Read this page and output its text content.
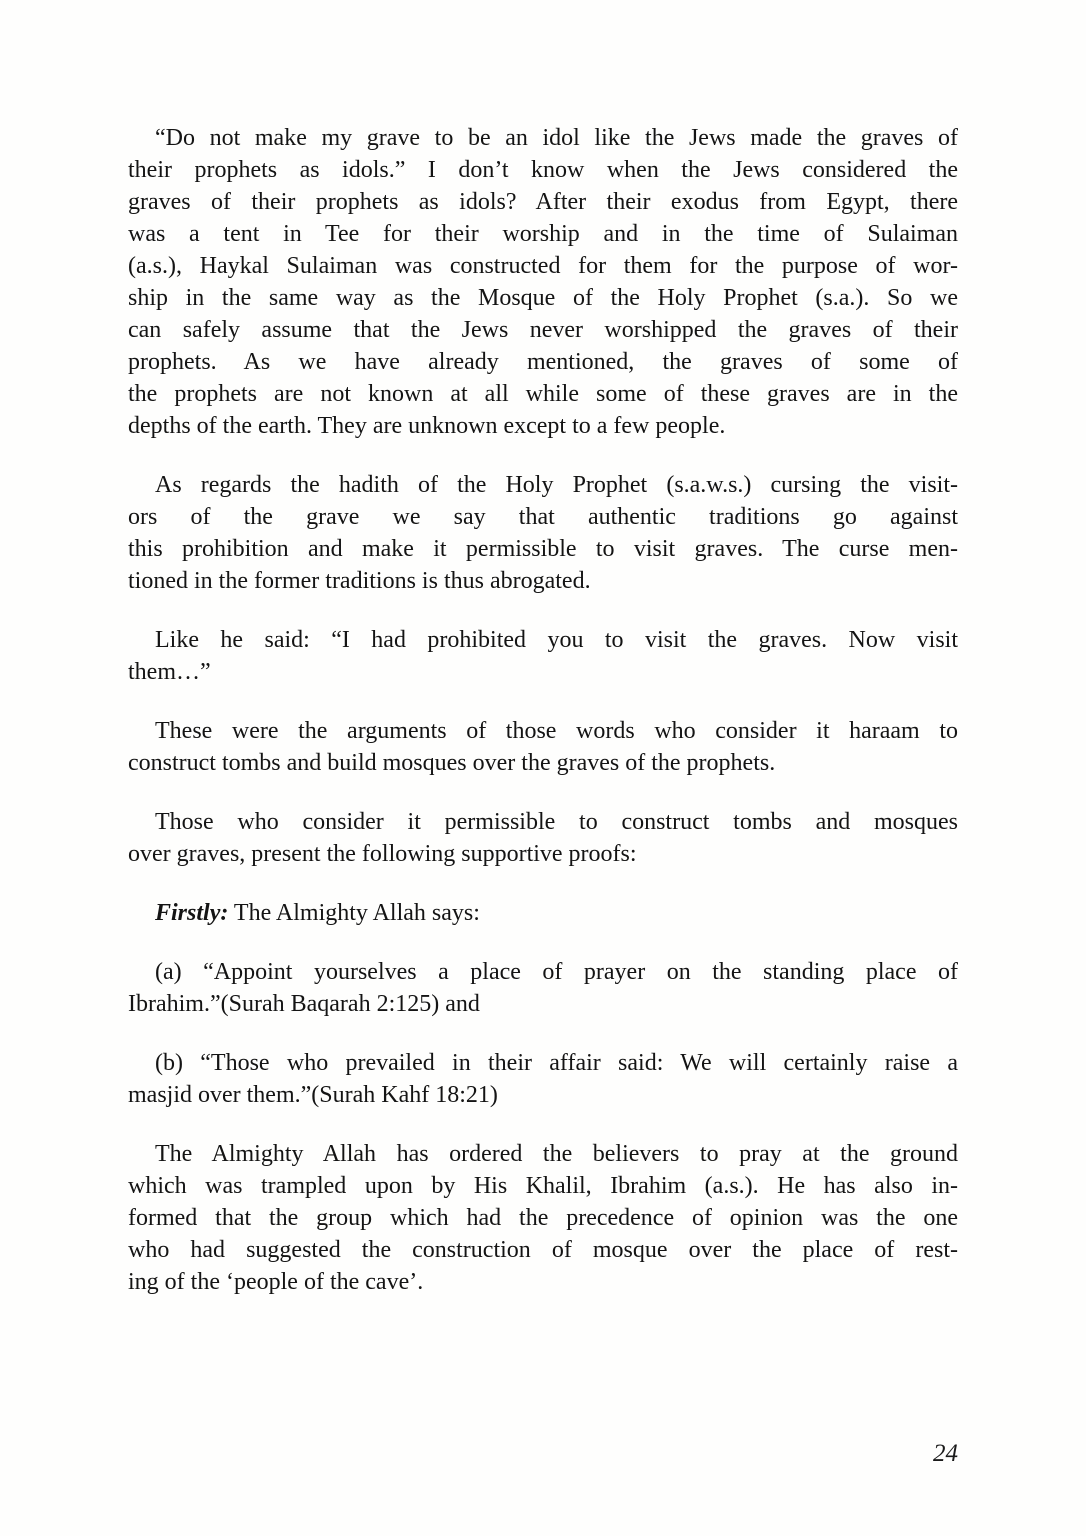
“Do not make my grave to be an idol like the Jews made the graves of
their prophets as idols.” I don’t know when the Jews considered the
graves of their prophets as idols? After their exodus from Egypt, there
was a tent in Tee for their worship and in the time of Sulaiman
(a.s.), Haykal Sulaiman was constructed for them for the purpose of wor-
ship in the same way as the Mosque of the Holy Prophet (s.a.). So we
can safely assume that the Jews never worshipped the graves of their
prophets. As we have already mentioned, the graves of some of
the prophets are not known at all while some of these graves are in the
depths of the earth. They are unknown except to a few people.
As regards the hadith of the Holy Prophet (s.a.w.s.) cursing the visit-
ors of the grave we say that authentic traditions go against
this prohibition and make it permissible to visit graves. The curse men-
tioned in the former traditions is thus abrogated.
Like he said: “I had prohibited you to visit the graves. Now visit
them…”
These were the arguments of those words who consider it haraam to
construct tombs and build mosques over the graves of the prophets.
Those who consider it permissible to construct tombs and mosques
over graves, present the following supportive proofs:
Firstly: The Almighty Allah says:
(a) “Appoint yourselves a place of prayer on the standing place of
Ibrahim.”(Surah Baqarah 2:125) and
(b) “Those who prevailed in their affair said: We will certainly raise a
masjid over them.”(Surah Kahf 18:21)
The Almighty Allah has ordered the believers to pray at the ground
which was trampled upon by His Khalil, Ibrahim (a.s.). He has also in-
formed that the group which had the precedence of opinion was the one
who had suggested the construction of mosque over the place of rest-
ing of the ‘people of the cave’.
24
